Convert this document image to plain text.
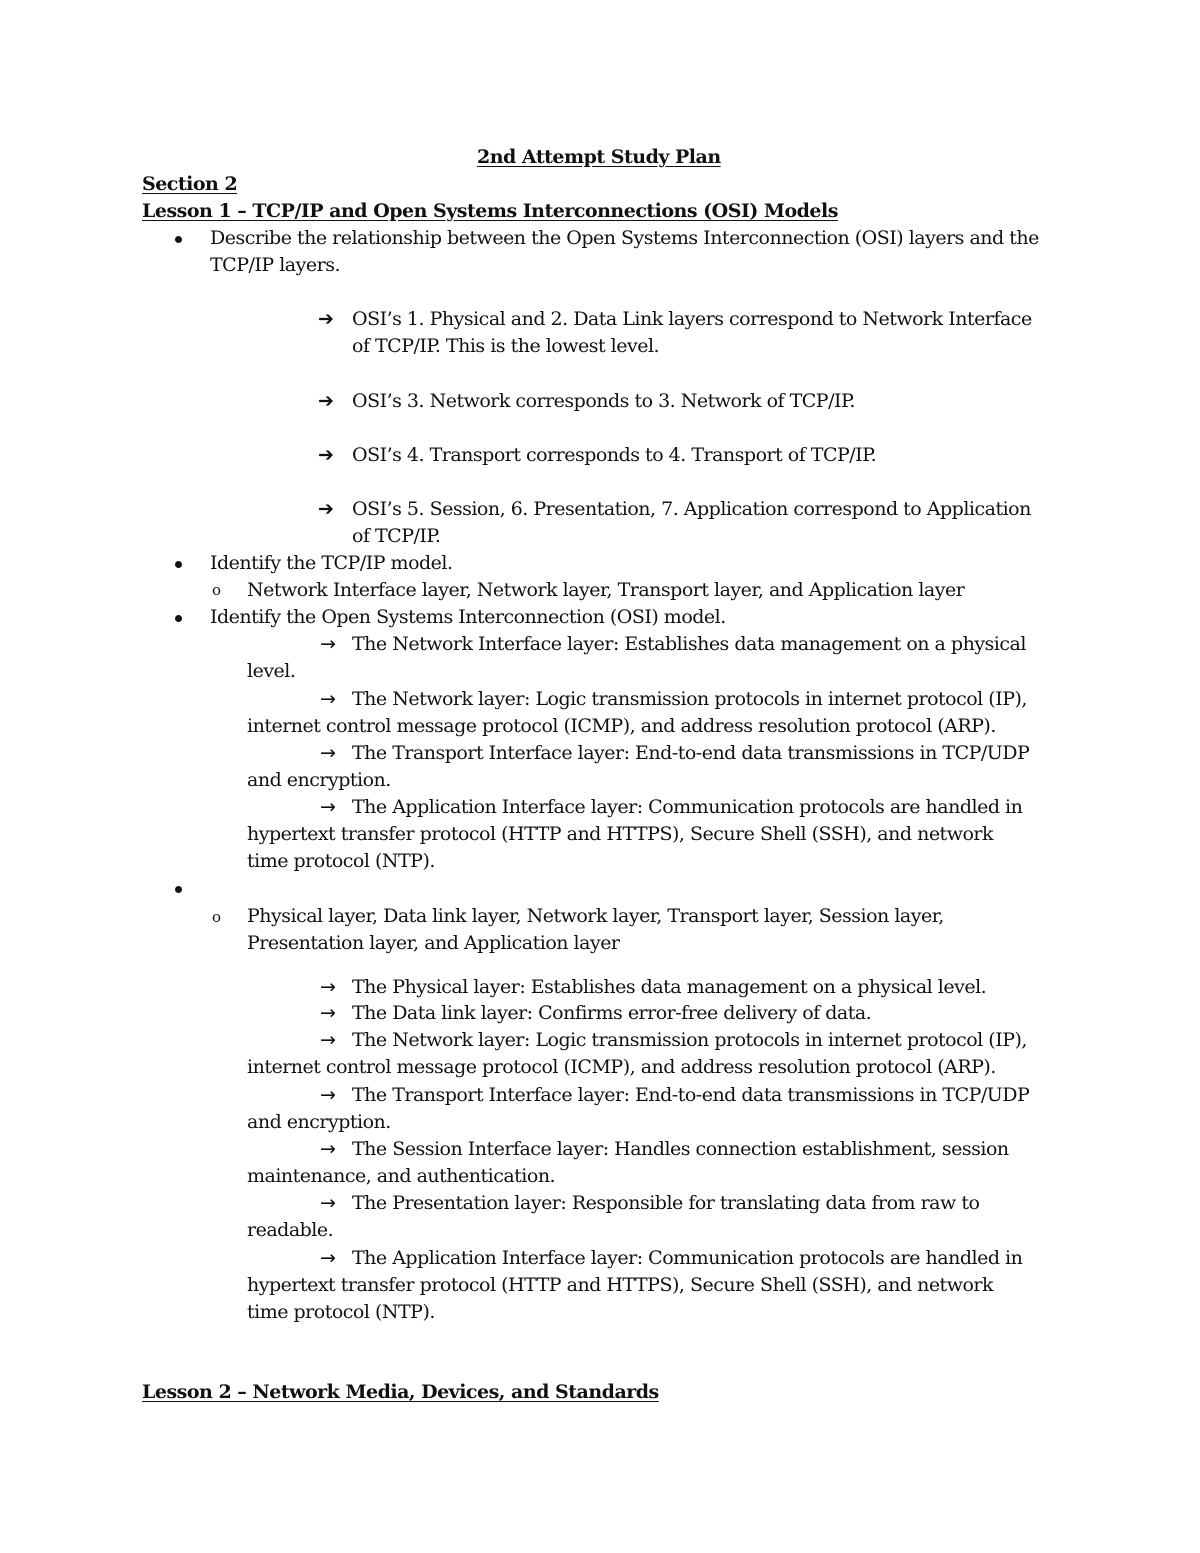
2nd Attempt Study Plan
Section 2
Lesson 1 – TCP/IP and Open Systems Interconnections (OSI) Models
Describe the relationship between the Open Systems Interconnection (OSI) layers and the
TCP/IP layers.
➔ OSI’s 1. Physical and 2. Data Link layers correspond to Network Interface
of TCP/IP. This is the lowest level.
➔ OSI’s 3. Network corresponds to 3. Network of TCP/IP.
➔ OSI’s 4. Transport corresponds to 4. Transport of TCP/IP.
➔ OSI’s 5. Session, 6. Presentation, 7. Application correspond to Application
of TCP/IP.
Identify the TCP/IP model.
o Network Interface layer, Network layer, Transport layer, and Application layer
Identify the Open Systems Interconnection (OSI) model.
→ The Network Interface layer: Establishes data management on a physical
level.
→ The Network layer: Logic transmission protocols in internet protocol (IP),
internet control message protocol (ICMP), and address resolution protocol (ARP).
→ The Transport Interface layer: End-to-end data transmissions in TCP/UDP
and encryption.
→ The Application Interface layer: Communication protocols are handled in
hypertext transfer protocol (HTTP and HTTPS), Secure Shell (SSH), and network
time protocol (NTP).
o Physical layer, Data link layer, Network layer, Transport layer, Session layer,
Presentation layer, and Application layer
→ The Physical layer: Establishes data management on a physical level.
→ The Data link layer: Confirms error-free delivery of data.
→ The Network layer: Logic transmission protocols in internet protocol (IP),
internet control message protocol (ICMP), and address resolution protocol (ARP).
→ The Transport Interface layer: End-to-end data transmissions in TCP/UDP
and encryption.
→ The Session Interface layer: Handles connection establishment, session
maintenance, and authentication.
→ The Presentation layer: Responsible for translating data from raw to
readable.
→ The Application Interface layer: Communication protocols are handled in
hypertext transfer protocol (HTTP and HTTPS), Secure Shell (SSH), and network
time protocol (NTP).
Lesson 2 – Network Media, Devices, and Standards
